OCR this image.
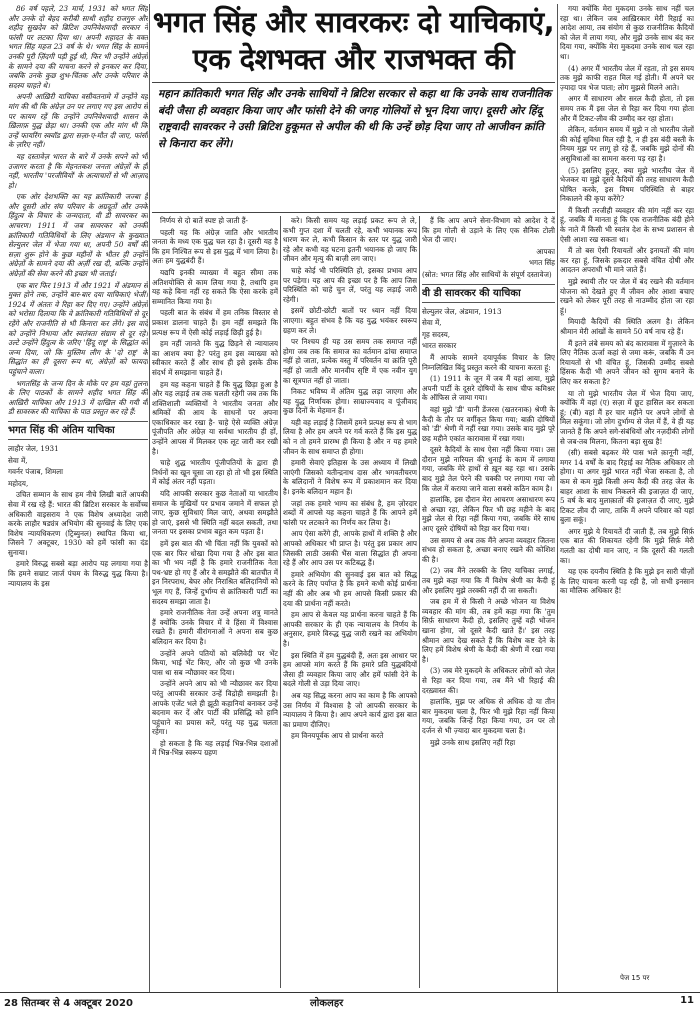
86 वर्ष पहले, 23 मार्च, 1931 को भगत सिंह और उनके दो बेहद करीबी साथी शहीद राजगुरु और शहीद सुखदेव को ब्रिटिश उपनिवेशवादी सरकार ने फांसी पर लटका दिया था। अपनी शहादत के वक्त भगत सिंह महज 23 वर्ष के थे। भगत सिंह के सामने उनकी पूरी ज़िंदगी पड़ी हुई थी, फिर भी उन्होंने अंग्रेज़ों के सामने दया की याचना करने से इनकार कर दिया, जबकि उनके कुछ शुभ-चिंतक और उनके परिवार के सदस्य चाहते थे।

अपनी आख़िरी याचिका वसीयतनामे में उन्होंने यह मांग की थी कि अंग्रेज़ उन पर लगाए गए इस आरोप से पर कायम रहें कि उन्होंने उपनिवेशवादी शासन के ख़िलाफ़ युद्ध छेड़ा था। उनकी एक और मांग थी कि उन्हें फायरिंग स्क्वॉड द्वारा सज़ा-ए-मौत दी जाए, फांसी के ज़रिए नहीं।

यह दस्तावेज़ भारत के बारे में उनके सपने को भी उजागर करता है कि मेहनतकश जनता अंग्रेज़ों के ही नहीं, भारतीय 'परजीवियों' के अत्याचारों से भी आज़ाद हो।

एक ओर देशभक्ति का यह क्रांतिकारी जज्बा है और दूसरी ओर संघ परिवार के अग्रदूतों और उनके हिंदुत्व के विचार के जन्मदाता, वी डी सावरकर का आचरण। 1911 में जब सावरकर को उनकी क्रांतिकारी गतिविधियों के लिए अंडमान के कुख्यात सेल्युलर जेल में भेजा गया था, अपनी 50 वर्षों की सज़ा शुरू होने के कुछ महीनों के भीतर ही उन्होंने अंग्रेज़ों के सामने दया की अर्ज़ी रख दी, बल्कि उन्होंने अंग्रेज़ों की सेवा करने की इच्छा भी जताई।

एक बार फिर 1913 में और 1921 में अंडमान से मुक्त होने तक, उन्होंने बार-बार दया याचिकाएं भेजीं। 1924 में अंततः वे रिहा कर दिए गए। उन्होंने अंग्रेज़ों को भरोसा दिलाया कि वे क्रांतिकारी गतिविधियों से दूर रहेंगे और राजनीति से भी किनारा कर लेंगे। इस वादे को उन्होंने निभाया और स्वतंत्रता संग्राम से दूर रहे। उल्टे उन्होंने हिंदुत्व के जरिए 'हिंदू राष्ट्र' के सिद्धांत को जन्म दिया, जो कि मुस्लिम लीग के 'दो राष्ट्र' के सिद्धांत का ही दूसरा रूप था, अंग्रेज़ों को फायदा पहुंचाने वाला।

भगतसिंह के जन्म दिन के मौके पर हम यहां तुलना के लिए पाठकों के सामने शहीद भगत सिंह की आख़िरी याचिका और 1913 में दाखिल की गयी वी डी सावरकर की याचिका के पाठ प्रस्तुत कर रहे हैं:

भगत सिंह की अंतिम याचिका

लाहौर जेल, 1931

सेवा में,

गवर्नर पंजाब, शिमला

महोदय,

उचित सम्मान के साथ हम नीचे लिखी बातें आपकी सेवा में रख रहे हैं: भारत की ब्रिटिश सरकार के सर्वोच्च अधिकारी वाइसराय ने एक विशेष अध्यादेश जारी करके लाहौर षड्यंत्र अभियोग की सुनवाई के लिए एक विशेष न्यायधिकरण (ट्रिब्युनल) स्थापित किया था, जिसने 7 अक्टूबर, 1930 को हमें फांसी का दंड सुनाया।

हमारे विरुद्ध सबसे बड़ा आरोप यह लगाया गया है कि हमने सम्राट जार्ज पंचम के विरुद्ध युद्ध किया है। न्यायालय के इस

भगत सिंह और सावरकरः दो याचिकाएं,
एक देशभक्त और राजभक्त की
महान क्रांतिकारी भगत सिंह और उनके साथियों ने ब्रिटिश सरकार से कहा था कि उनके साथ राजनीतिक बंदी जैसा ही व्यवहार किया जाए और फांसी देने की जगह गोलियों से भून दिया जाए। दूसरी ओर हिंदू राष्ट्रवादी सावरकर ने उसी ब्रिटिश हुकूमत से अपील की थी कि उन्हें छोड़ दिया जाए तो आजीवन क्रांति से किनारा कर लेंगे।

निर्णय से दो बातें स्पष्ट हो जाती हैं-

पहली यह कि अंग्रेज़ जाति और भारतीय जनता के मध्य एक युद्ध चल रहा है। दूसरी यह है कि हम निश्चित रूप से इस युद्ध में भाग लिया है। अतः हम युद्धबंदी हैं।

यद्यपि इनकी व्याख्या में बहुत सीमा तक अतिशयोक्ति से काम लिया गया है, तथापि हम यह कहे बिना नहीं रह सकते कि ऐसा करके हमें सम्मानित किया गया है।

पहली बात के संबंध में हम तनिक विस्तार से प्रकाश डालना चाहते हैं। हम नहीं समझते कि प्रत्यक्ष रूप में ऐसी कोई लड़ाई छिड़ी हुई है।

हम नहीं जानते कि युद्ध छिड़ने से न्यायालय का आशय क्या है? परंतु हम इस व्याख्या को स्वीकार करते हैं और साथ ही इसे इसके ठीक संदर्भ में समझाना चाहते हैं।

हम यह कहना चाहते हैं कि युद्ध छिड़ा हुआ है और यह लड़ाई तब तक चलती रहेगी जब तक कि शक्तिशाली व्यक्तियों ने भारतीय जनता और श्रमिकों की आय के साधनों पर अपना एकाधिकार कर रखा है- चाहे ऐसे व्यक्ति अंग्रेज़ पूंजीपति और अंग्रेज़ या सर्वथा भारतीय ही हों, उन्होंने आपस में मिलकर एक लूट जारी कर रखी है।

चाहे शुद्ध भारतीय पूंजीपतियों के द्वारा ही निर्धनों का खून चूसा जा रहा हो तो भी इस स्थिति में कोई अंतर नहीं पड़ता।

यदि आपकी सरकार कुछ नेताओं या भारतीय समाज के मुखियों पर प्रभाव जमाने में सफल हो जाए, कुछ सुविधाएं मिल जाएं, अथवा समझौते हो जाएं, इससे भी स्थिति नहीं बदल सकती, तथा जनता पर इसका प्रभाव बहुत कम पड़ता है।

हमें इस बात की भी चिंता नहीं कि युवकों को एक बार फिर धोखा दिया गया है और इस बात का भी भय नहीं है कि हमारे राजनीतिक नेता पथ-भ्रष्ट हो गए हैं और वे समझौते की बातचीत में इन निरपराध, बेघर और निराश्रित बलिदानियों को भूल गए हैं, जिन्हें दुर्भाग्य से क्रांतिकारी पार्टी का सदस्य समझा जाता है।

हमारे राजनीतिक नेता उन्हें अपना शत्रु मानते हैं क्योंकि उनके विचार में वे हिंसा में विश्वास रखते हैं। हमारी वीरांगनाओं ने अपना सब कुछ बलिदान कर दिया है।

उन्होंने अपने पतियों को बलिवेदी पर भेंट किया, भाई भेंट किए, और जो कुछ भी उनके पास था सब न्यौछावर कर दिया।

उन्होंने अपने आप को भी न्यौछावर कर दिया परंतु आपकी सरकार उन्हें विद्रोही समझती है। आपके एजेंट भले ही झूठी कहानियां बनाकर उन्हें बदनाम कर दें और पार्टी की प्रसिद्धि को हानि पहुंचाने का प्रयास करें, परंतु यह युद्ध चलता रहेगा।

हो सकता है कि यह लड़ाई भिन्न-भिन्न दशाओं में भिन्न-भिन्न स्वरूप ग्रहण

करे। किसी समय यह लड़ाई प्रकट रूप ले ले, कभी गुप्त दशा में चलती रहे, कभी भयानक रूप धारण कर ले, कभी किसान के स्तर पर युद्ध जारी रहे और कभी यह घटना इतनी भयानक हो जाए कि जीवन और मृत्यु की बाज़ी लग जाए।

चाहे कोई भी परिस्थिति हो, इसका प्रभाव आप पर पड़ेगा। यह आप की इच्छा पर है कि आप जिस परिस्थिति को चाहे चुन लें, परंतु यह लड़ाई जारी रहेगी।

इसमें छोटी-छोटी बातों पर ध्यान नहीं दिया जाएगा। बहुत संभव है कि यह युद्ध भयंकर स्वरूप ग्रहण कर ले।

पर निश्चय ही यह उस समय तक समाप्त नहीं होगा जब तक कि समाज का वर्तमान ढांचा समाप्त नहीं हो जाता, प्रत्येक वस्तु में परिवर्तन या क्रांति पूरी नहीं हो जाती और मानवीय सृष्टि में एक नवीन युग का सूत्रपात नहीं हो जाता।

निकट भविष्य में अंतिम युद्ध लड़ा जाएगा और यह युद्ध निर्णायक होगा। साम्राज्यवाद व पूंजीवाद कुछ दिनों के मेहमान हैं।

यही वह लड़ाई है जिसमें हमने प्रत्यक्ष रूप से भाग लिया है और हम अपने पर गर्व करते हैं कि इस युद्ध को न तो हमने प्रारम्भ ही किया है और न यह हमारे जीवन के साथ समाप्त ही होगा।

हमारी सेवाएं इतिहास के उस अध्याय में लिखी जाएंगी जिसको यतीन्द्रनाथ दास और भगवतीचरण के बलिदानों ने विशेष रूप में प्रकाशमान कर दिया है। इनके बलिदान महान हैं।

जहां तक हमारे भाग्य का संबंध है, हम ज़ोरदार शब्दों में आपसे यह कहना चाहते हैं कि आपने हमें फांसी पर लटकाने का निर्णय कर लिया है।

आप ऐसा करेंगे ही, आपके हाथों में शक्ति है और आपको अधिकार भी प्राप्त है। परंतु इस प्रकार आप जिसकी लाठी उसकी भैंस वाला सिद्धांत ही अपना रहे हैं और आप उस पर कटिबद्ध हैं।

हमारे अभियोग की सुनवाई इस बात को सिद्ध करने के लिए पर्याप्त है कि हमने कभी कोई प्रार्थना नहीं की और अब भी हम आपसे किसी प्रकार की दया की प्रार्थना नहीं करते।

हम आप से केवल यह प्रार्थना करना चाहते हैं कि आपकी सरकार के ही एक न्यायालय के निर्णय के अनुसार, हमारे विरुद्ध युद्ध जारी रखने का अभियोग है।

इस स्थिति में हम युद्धबंदी हैं, अतः इस आधार पर हम आपसे मांग करते हैं कि हमारे प्रति युद्धबंदियों जैसा ही व्यवहार किया जाए और हमें फांसी देने के बदले गोली से उड़ा दिया जाए।

अब यह सिद्ध करना आप का काम है कि आपको उस निर्णय में विश्वास है जो आपकी सरकार के न्यायालय ने किया है। आप अपने कार्य द्वारा इस बात का प्रमाण दीजिए।

हम विनयपूर्वक आप से प्रार्थना करते

हैं कि आप अपने सेना-विभाग को आदेश दे दें कि हम गोली से उड़ाने के लिए एक सैनिक टोली भेज दी जाए।

आपका

भगत सिंह

(स्रोत: भगत सिंह और साथियों के संपूर्ण दस्तावेज)

वी डी सावरकर की याचिका

सेल्युलर जेल, अंडमान, 1913

सेवा में,

गृह सदस्य,

भारत सरकार

मैं आपके सामने दयापूर्वक विचार के लिए निम्नलिखित बिंदु प्रस्तुत करने की याचना करता हूं:

(1) 1911 के जून में जब मैं यहां आया, मुझे अपनी पार्टी के दूसरे दोषियों के साथ चीफ कमिश्नर के ऑफिस ले जाया गया।

वहां मुझे 'डी' यानी डेंजरस (खतरनाक) श्रेणी के कैदी के तौर पर वर्गीकृत किया गया; बाक़ी दोषियों को 'डी' श्रेणी में नहीं रखा गया। उसके बाद मुझे पूरे छह महीने एकांत कारावास में रखा गया।

दूसरे कैदियों के साथ ऐसा नहीं किया गया। उस दौरान मुझे नारियल की धुनाई के काम में लगाया गया, जबकि मेरे हाथों से ख़ून बह रहा था। उसके बाद मुझे तेल पेरने की चक्की पर लगाया गया जो कि जेल में कराया जाने वाला सबसे कठिन काम है।

हालांकि, इस दौरान मेरा आचरण असाधारण रूप से अच्छा रहा, लेकिन फिर भी छह महीने के बाद मुझे जेल से रिहा नहीं किया गया, जबकि मेरे साथ आए दूसरे दोषियों को रिहा कर दिया गया।

उस समय से अब तक मैंने अपना व्यवहार जितना संभव हो सकता है, अच्छा बनाए रखने की कोशिश की है।

(2) जब मैंने तरक्की के लिए याचिका लगाई, तब मुझे कहा गया कि मैं विशेष श्रेणी का कैदी हूं और इसलिए मुझे तरक्की नहीं दी जा सकती।

जब हम में से किसी ने अच्छे भोजन या विशेष व्यवहार की मांग की, तब हमें कहा गया कि 'तुम सिर्फ़ साधारण कैदी हो, इसलिए तुम्हें वही भोजन खाना होगा, जो दूसरे कैदी खाते हैं।' इस तरह श्रीमान आप देख सकते हैं कि विशेष कष्ट देने के लिए हमें विशेष श्रेणी के कैदी की श्रेणी में रखा गया है।

(3) जब मेरे मुकदमे के अधिकतर लोगों को जेल से रिहा कर दिया गया, तब मैंने भी रिहाई की दरख़्वास्त की।

हालांकि, मुझ पर अधिक से अधिक दो या तीन बार मुकदमा चला है, फिर भी मुझे रिहा नहीं किया गया, जबकि जिन्हें रिहा किया गया, उन पर तो दर्जन से भी ज़्यादा बार मुकदमा चला है।

मुझे उनके साथ इसलिए नहीं रिहा

गया क्योंकि मेरा मुकदमा उनके साथ नहीं चल रहा था। लेकिन जब आख़िरकार मेरी रिहाई का आदेश आया, तब संयोग से कुछ राजनीतिक कैदियों को जेल में लाया गया, और मुझे उनके साथ बंद कर दिया गया, क्योंकि मेरा मुकदमा उनके साथ चल रहा था।

(4) अगर मैं भारतीय जेल में रहता, तो इस समय तक मुझे काफी राहत मिल गई होती। मैं अपने घर ज़्यादा पत्र भेज पाता; लोग मुझसे मिलने आते।

अगर मैं साधारण और सरल कैदी होता, तो इस समय तक मैं इस जेल से रिहा कर दिया गया होता और मैं टिकट-लीव की उम्मीद कर रहा होता।

लेकिन, वर्तमान समय में मुझे न तो भारतीय जेलों की कोई सुविधा मिल रही है, न ही इस बंदी बस्ती के नियम मुझ पर लागू हो रहे हैं, जबकि मुझे दोनों की असुविधाओं का सामना करना पड़ रहा है।

(5) इसलिए हुजूर, क्या मुझे भारतीय जेल में भेजकर या मुझे दूसरे कैदियों की तरह साधारण कैदी घोषित करके, इस विषम परिस्थिति से बाहर निकालने की कृपा करेंगे?

मैं किसी तरजीही व्यवहार की मांग नहीं कर रहा हूं, जबकि मैं मानता हूं कि एक राजनीतिक बंदी होने के नाते मैं किसी भी स्वतंत्र देश के सभ्य प्रशासन से ऐसी आशा रख सकता था।

मैं तो बस ऐसी रियायतों और इनायतों की मांग कर रहा हूं, जिसके हकदार सबसे वंचित दोषी और आदतन अपराधी भी माने जाते हैं।

मुझे स्थायी तौर पर जेल में बंद रखने की वर्तमान योजना को देखते हुए मैं जीवन और आशा बचाए रखने को लेकर पूरी तरह से नाउम्मीद होता जा रहा हूं।

मियादी कैदियों की स्थिति अलग है। लेकिन श्रीमान मेरी आंखों के सामने 50 वर्ष नाच रहे हैं।

मैं इतने लंबे समय को बंद कारावास में गुज़ारने के लिए नैतिक ऊर्जा कहां से जमा करूं, जबकि मैं उन रियायतों से भी वंचित हूं, जिसकी उम्मीद सबसे हिंसक कैदी भी अपने जीवन को सुगम बनाने के लिए कर सकता है?

या तो मुझे भारतीय जेल में भेज दिया जाए, क्योंकि मैं वहां (ए) सज़ा में छूट हासिल कर सकता हूं; (बी) वहां मैं हर चार महीने पर अपने लोगों से मिल सकूंगा। जो लोग दुर्भाग्य से जेल में हैं, वे ही यह जानते हैं कि अपने सगे-संबंधियों और नज़दीकी लोगों से जब-तब मिलना, कितना बड़ा सुख है!

(सी) सबसे बढ़कर मेरे पास भले क़ानूनी नहीं, मगर 14 वर्षों के बाद रिहाई का नैतिक अधिकार तो होगा। या अगर मुझे भारत नहीं भेजा सकता है, तो कम से कम मुझे किसी अन्य कैदी की तरह जेल के बाहर आशा के साथ निकलने की इजाज़त दी जाए, 5 वर्ष के बाद मुलाक़ातों की इजाज़त दी जाए, मुझे टिकट लीव दी जाए, ताकि मैं अपने परिवार को यहां बुला सकूं।

अगर मुझे ये रियायतें दी जाती हैं, तब मुझे सिर्फ़ एक बात की शिकायत रहेगी कि मुझे सिर्फ़ मेरी गलती का दोषी मान जाए, न कि दूसरों की गलती का।

यह एक दयनीय स्थिति है कि मुझे इन सारी चीज़ों के लिए याचना करनी पड़ रही है, जो सभी इनसान का मौलिक अधिकार है!

पेज 15 पर
28 सितम्बर से 4 अक्टूबर 2020	लोकलहर	11
